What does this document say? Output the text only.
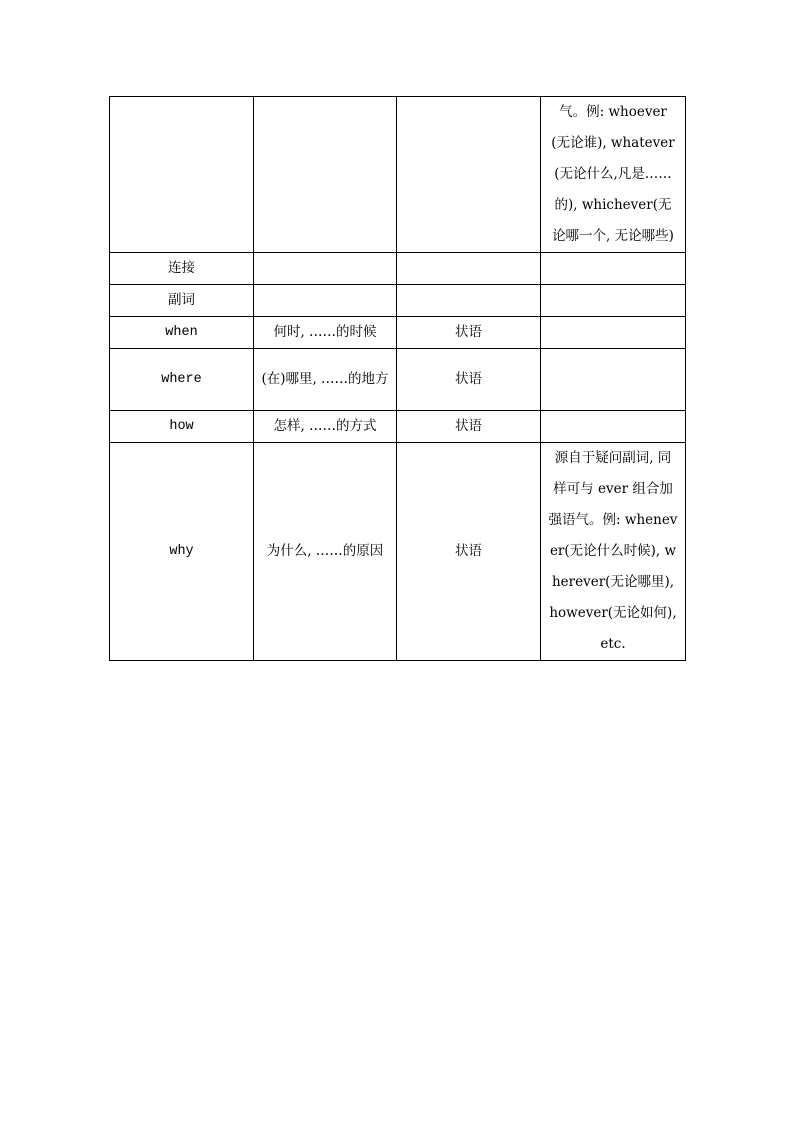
			气。例: whoever (无论谁), whatever(无论什么,凡是……的), whichever(无论哪一个, 无论哪些)
连接			
副词			
when	何时, ……的时候	状语	
where	(在)哪里, ……的地方	状语	
how	怎样, ……的方式	状语	
why	为什么, ……的原因	状语	源自于疑问副词, 同样可与 ever 组合加强语气。例: whenever(无论什么时候), wherever(无论哪里), however(无论如何), etc.
